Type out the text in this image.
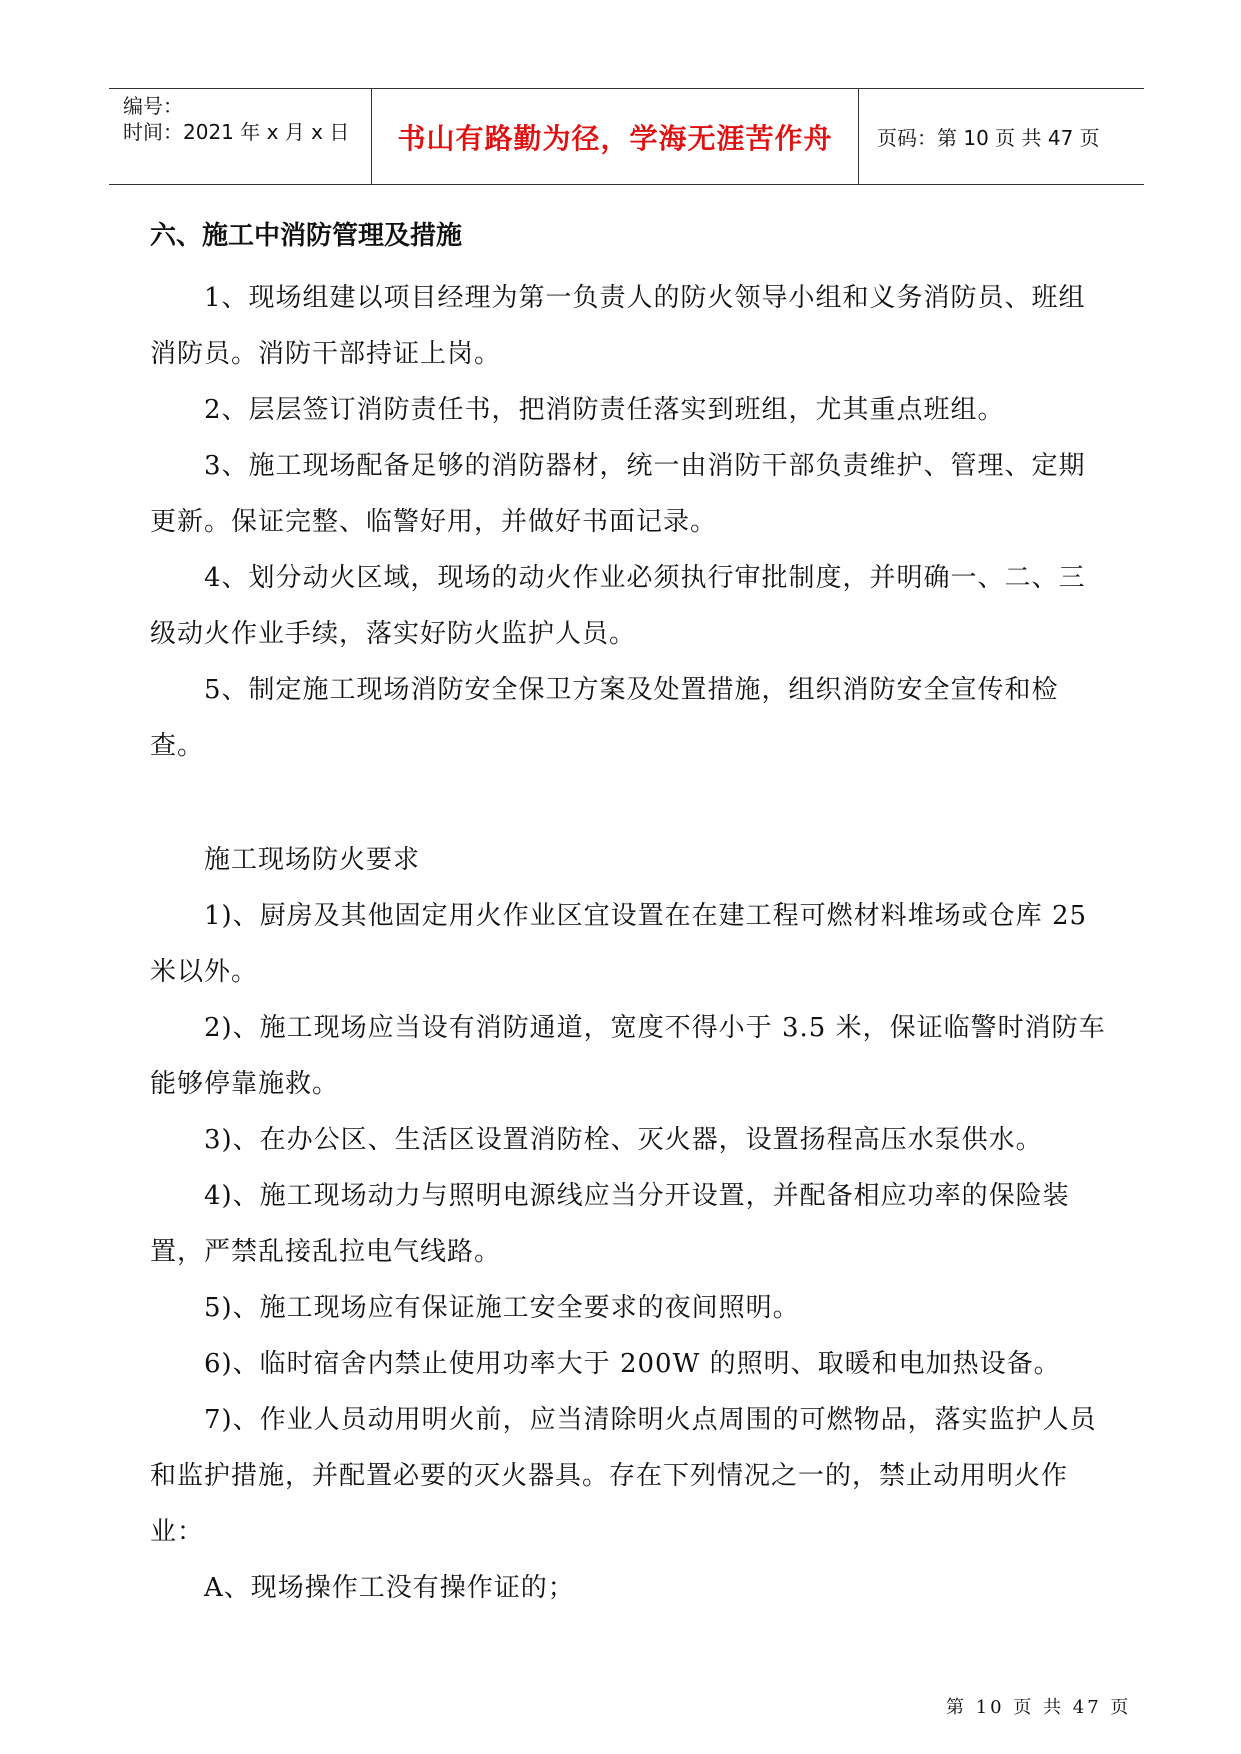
编号：
时间：2021 年 x 月 x 日 书山有路勤为径，学海无涯苦作舟 页码：第 10 页 共 47 页
六、施工中消防管理及措施

1、现场组建以项目经理为第一负责人的防火领导小组和义务消防员、班组消防员。消防干部持证上岗。

2、层层签订消防责任书，把消防责任落实到班组，尤其重点班组。

3、施工现场配备足够的消防器材，统一由消防干部负责维护、管理、定期更新。保证完整、临警好用，并做好书面记录。

4、划分动火区域，现场的动火作业必须执行审批制度，并明确一、二、三级动火作业手续，落实好防火监护人员。

5、制定施工现场消防安全保卫方案及处置措施，组织消防安全宣传和检查。

施工现场防火要求

1)、厨房及其他固定用火作业区宜设置在在建工程可燃材料堆场或仓库 25 米以外。

2)、施工现场应当设有消防通道，宽度不得小于 3.5 米，保证临警时消防车能够停靠施救。

3)、在办公区、生活区设置消防栓、灭火器，设置扬程高压水泵供水。

4)、施工现场动力与照明电源线应当分开设置，并配备相应功率的保险装置，严禁乱接乱拉电气线路。

5)、施工现场应有保证施工安全要求的夜间照明。

6)、临时宿舍内禁止使用功率大于 200W 的照明、取暖和电加热设备。

7)、作业人员动用明火前，应当清除明火点周围的可燃物品，落实监护人员和监护措施，并配置必要的灭火器具。存在下列情况之一的，禁止动用明火作业：

A、现场操作工没有操作证的；

第 10 页 共 47 页
